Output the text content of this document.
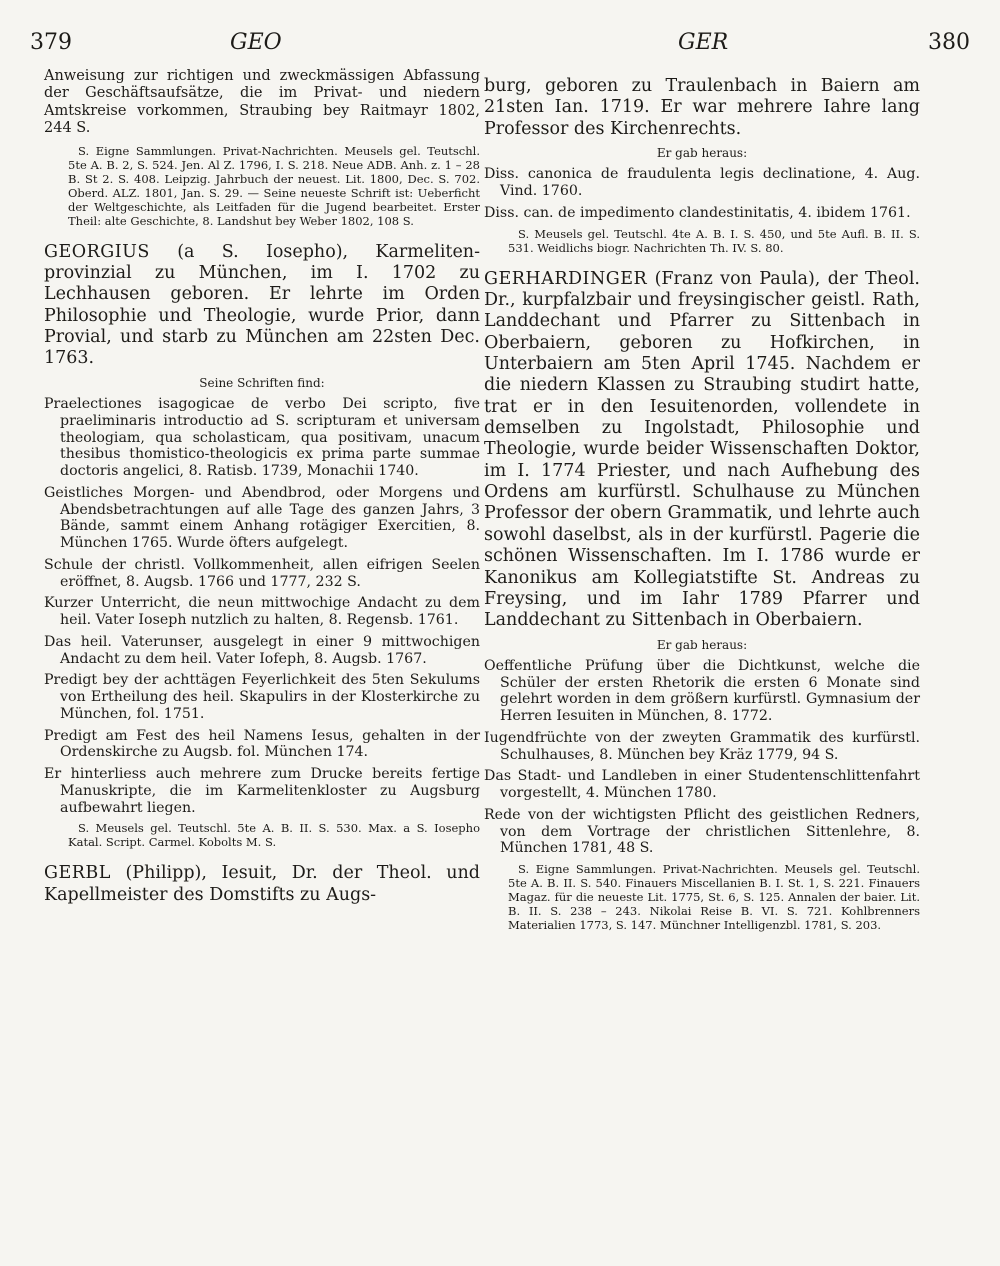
379	GEO	GER	380

Anweisung zur richtigen und zweckmässigen Abfassung der Geschäftsaufsätze, die im Privat- und niedern Amtskreise vorkommen, Straubing bey Raitmayr 1802, 244 S.

S. Eigne Sammlungen. Privat-Nachrichten. Meusels gel. Teutschl. 5te A. B. 2, S. 524. Jen. Al Z. 1796, I. S. 218. Neue ADB. Anh. z. 1 – 28 B. St 2. S. 408. Leipzig. Jahrbuch der neuest. Lit. 1800, Dec. S. 702. Oberd. ALZ. 1801, Jan. S. 29. — Seine neueste Schrift ist: Ueberficht der Weltgeschichte, als Leitfaden für die Jugend bearbeitet. Erster Theil: alte Geschichte, 8. Landshut bey Weber 1802, 108 S.

GEORGIUS (a S. Iosepho), Karmeliten-provinzial zu München, im I. 1702 zu Lechhausen geboren. Er lehrte im Orden Philosophie und Theologie, wurde Prior, dann Provial, und starb zu München am 22sten Dec. 1763.

Seine Schriften find:

Praelectiones isagogicae de verbo Dei scripto, five praeliminaris introductio ad S. scripturam et universam theologiam, qua scholasticam, qua positivam, unacum thesibus thomistico-theologicis ex prima parte summae doctoris angelici, 8. Ratisb. 1739, Monachii 1740.

Geistliches Morgen- und Abendbrod, oder Morgens und Abendsbetrachtungen auf alle Tage des ganzen Jahrs, 3 Bände, sammt einem Anhang rotägiger Exercitien, 8. München 1765. Wurde öfters aufgelegt.

Schule der christl. Vollkommenheit, allen eifrigen Seelen eröffnet, 8. Augsb. 1766 und 1777, 232 S.

Kurzer Unterricht, die neun mittwochige Andacht zu dem heil. Vater Ioseph nutzlich zu halten, 8. Regensb. 1761.

Das heil. Vaterunser, ausgelegt in einer 9 mittwochigen Andacht zu dem heil. Vater Iofeph, 8. Augsb. 1767.

Predigt bey der achttägen Feyerlichkeit des 5ten Sekulums von Ertheilung des heil. Skapulirs in der Klosterkirche zu München, fol. 1751.

Predigt am Fest des heil Namens Iesus, gehalten in der Ordenskirche zu Augsb. fol. München 174.

Er hinterliess auch mehrere zum Drucke bereits fertige Manuskripte, die im Karmelitenkloster zu Augsburg aufbewahrt liegen.

S. Meusels gel. Teutschl. 5te A. B. II. S. 530. Max. a S. Iosepho Katal. Script. Carmel. Kobolts M. S.

GERBL (Philipp), Iesuit, Dr. der Theol. und Kapellmeister des Domstifts zu Augs-

burg, geboren zu Traulenbach in Baiern am 21sten Ian. 1719. Er war mehrere Iahre lang Professor des Kirchenrechts.

Er gab heraus:

Diss. canonica de fraudulenta legis declinatione, 4. Aug. Vind. 1760.

Diss. can. de impedimento clandestinitatis, 4. ibidem 1761.

S. Meusels gel. Teutschl. 4te A. B. I. S. 450, und 5te Aufl. B. II. S. 531. Weidlichs biogr. Nachrichten Th. IV. S. 80.

GERHARDINGER (Franz von Paula), der Theol. Dr., kurpfalzbair und freysingischer geistl. Rath, Landdechant und Pfarrer zu Sittenbach in Oberbaiern, geboren zu Hofkirchen, in Unterbaiern am 5ten April 1745. Nachdem er die niedern Klassen zu Straubing studirt hatte, trat er in den Iesuitenorden, vollendete in demselben zu Ingolstadt, Philosophie und Theologie, wurde beider Wissenschaften Doktor, im I. 1774 Priester, und nach Aufhebung des Ordens am kurfürstl. Schulhause zu München Professor der obern Grammatik, und lehrte auch sowohl daselbst, als in der kurfürstl. Pagerie die schönen Wissenschaften. Im I. 1786 wurde er Kanonikus am Kollegiatstifte St. Andreas zu Freysing, und im Iahr 1789 Pfarrer und Landdechant zu Sittenbach in Oberbaiern.

Er gab heraus:

Oeffentliche Prüfung über die Dichtkunst, welche die Schüler der ersten Rhetorik die ersten 6 Monate sind gelehrt worden in dem größern kurfürstl. Gymnasium der Herren Iesuiten in München, 8. 1772.

Iugendfrüchte von der zweyten Grammatik des kurfürstl. Schulhauses, 8. München bey Kräz 1779, 94 S.

Das Stadt- und Landleben in einer Studentenschlittenfahrt vorgestellt, 4. München 1780.

Rede von der wichtigsten Pflicht des geistlichen Redners, von dem Vortrage der christlichen Sittenlehre, 8. München 1781, 48 S.

S. Eigne Sammlungen. Privat-Nachrichten. Meusels gel. Teutschl. 5te A. B. II. S. 540. Finauers Miscellanien B. I. St. 1, S. 221. Finauers Magaz. für die neueste Lit. 1775, St. 6, S. 125. Annalen der baier. Lit. B. II. S. 238 – 243. Nikolai Reise B. VI. S. 721. Kohlbrenners Materialien 1773, S. 147. Münchner Intelligenzbl. 1781, S. 203.
